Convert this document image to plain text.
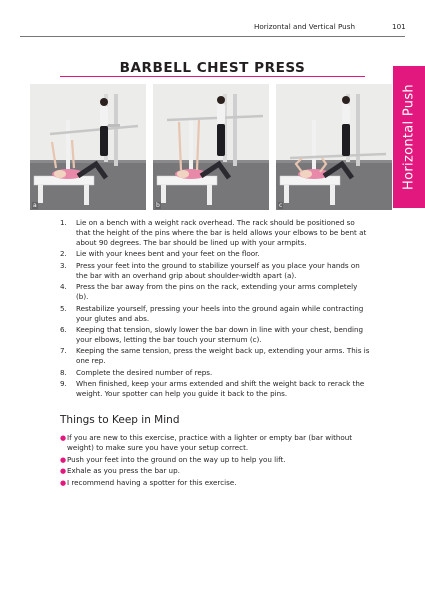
Horizontal and Vertical Push	101
Horizontal Push
BARBELL CHEST PRESS
a	b	c
1.	Lie on a bench with a weight rack overhead. The rack should be positioned so that the height of the pins where the bar is held allows your elbows to be bent at about 90 degrees. The bar should be lined up with your armpits.
2.	Lie with your knees bent and your feet on the floor.
3.	Press your feet into the ground to stabilize yourself as you place your hands on the bar with an overhand grip about shoulder-width apart (a).
4.	Press the bar away from the pins on the rack, extending your arms completely (b).
5.	Restabilize yourself, pressing your heels into the ground again while contracting your glutes and abs.
6.	Keeping that tension, slowly lower the bar down in line with your chest, bending your elbows, letting the bar touch your sternum (c).
7.	Keeping the same tension, press the weight back up, extending your arms. This is one rep.
8.	Complete the desired number of reps.
9.	When finished, keep your arms extended and shift the weight back to rerack the weight. Your spotter can help you guide it back to the pins.
Things to Keep in Mind
● If you are new to this exercise, practice with a lighter or empty bar (bar without weight) to make sure you have your setup correct.
● Push your feet into the ground on the way up to help you lift.
● Exhale as you press the bar up.
● I recommend having a spotter for this exercise.
